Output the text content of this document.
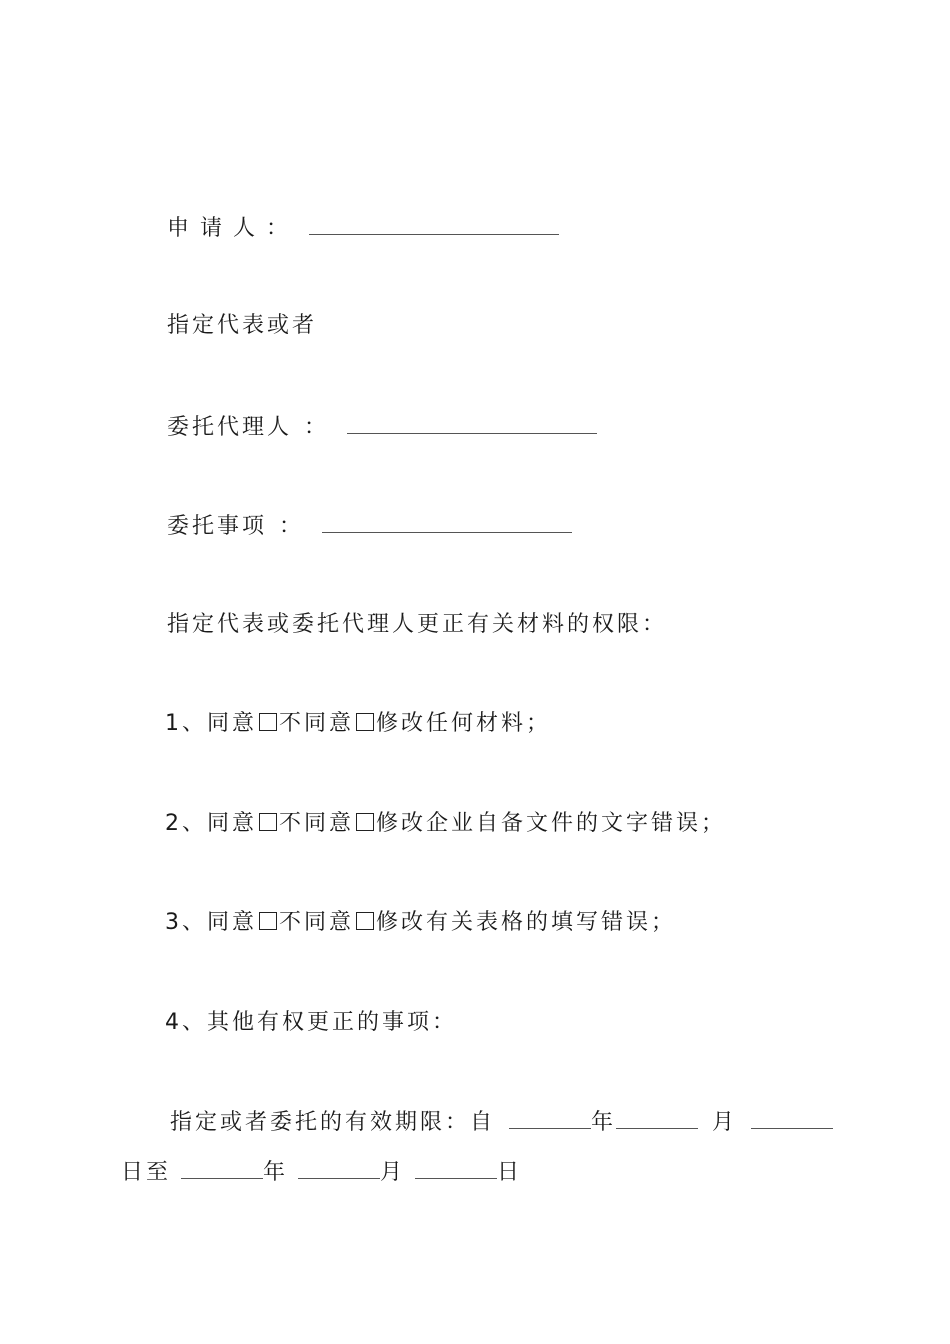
申请人：
指定代表或者
委托代理人 ：
委托事项 ：
指定代表或委托代理人更正有关材料的权限：
1、同意 不同意 修改任何材料；
2、同意 不同意 修改企业自备文件的文字错误；
3、同意 不同意 修改有关表格的填写错误；
4、其他有权更正的事项：
指定或者委托的有效期限：自	年	月
日至	年	月	日
